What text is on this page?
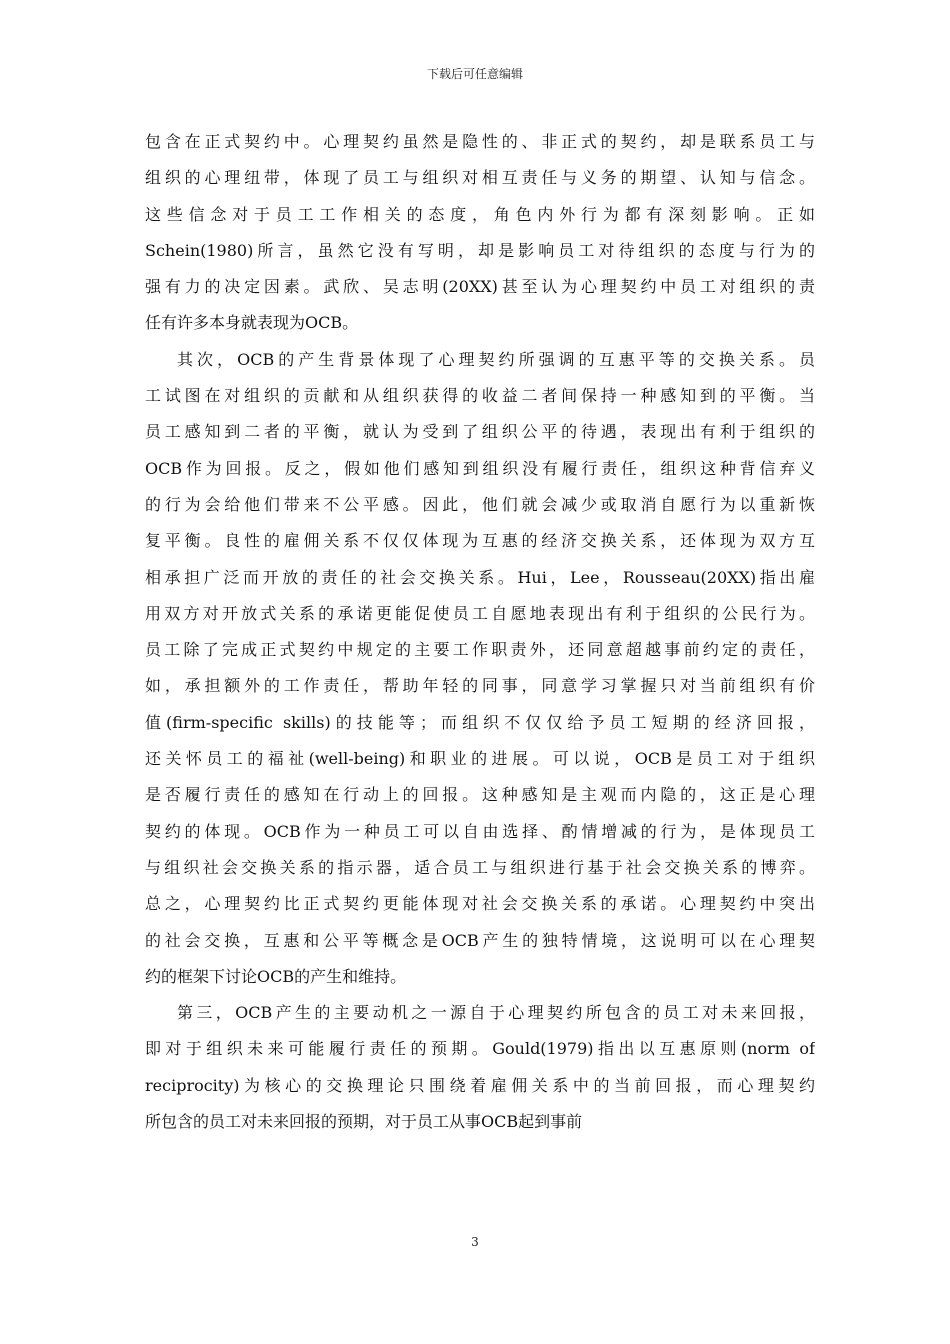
下载后可任意编辑
包含在正式契约中。心理契约虽然是隐性的、非正式的契约，却是联系员工与
组织的心理纽带，体现了员工与组织对相互责任与义务的期望、认知与信念。
这些信念对于员工工作相关的态度，角色内外行为都有深刻影响。正如
Schein(1980)所言，虽然它没有写明，却是影响员工对待组织的态度与行为的
强有力的决定因素。武欣、吴志明(20XX)甚至认为心理契约中员工对组织的责
任有许多本身就表现为OCB。
其次，OCB的产生背景体现了心理契约所强调的互惠平等的交换关系。员
工试图在对组织的贡献和从组织获得的收益二者间保持一种感知到的平衡。当
员工感知到二者的平衡，就认为受到了组织公平的待遇，表现出有利于组织的
OCB作为回报。反之，假如他们感知到组织没有履行责任，组织这种背信弃义
的行为会给他们带来不公平感。因此，他们就会减少或取消自愿行为以重新恢
复平衡。良性的雇佣关系不仅仅体现为互惠的经济交换关系，还体现为双方互
相承担广泛而开放的责任的社会交换关系。Hui，Lee，Rousseau(20XX)指出雇
用双方对开放式关系的承诺更能促使员工自愿地表现出有利于组织的公民行为。
员工除了完成正式契约中规定的主要工作职责外，还同意超越事前约定的责任，
如，承担额外的工作责任，帮助年轻的同事，同意学习掌握只对当前组织有价
值(firm-specific skills)的技能等；而组织不仅仅给予员工短期的经济回报，
还关怀员工的福祉(well-being)和职业的进展。可以说，OCB是员工对于组织
是否履行责任的感知在行动上的回报。这种感知是主观而内隐的，这正是心理
契约的体现。OCB作为一种员工可以自由选择、酌情增减的行为，是体现员工
与组织社会交换关系的指示器，适合员工与组织进行基于社会交换关系的博弈。
总之，心理契约比正式契约更能体现对社会交换关系的承诺。心理契约中突出
的社会交换，互惠和公平等概念是OCB产生的独特情境，这说明可以在心理契
约的框架下讨论OCB的产生和维持。
第三，OCB产生的主要动机之一源自于心理契约所包含的员工对未来回报，
即对于组织未来可能履行责任的预期。Gould(1979)指出以互惠原则(norm of
reciprocity)为核心的交换理论只围绕着雇佣关系中的当前回报，而心理契约
所包含的员工对未来回报的预期，对于员工从事OCB起到事前
3
